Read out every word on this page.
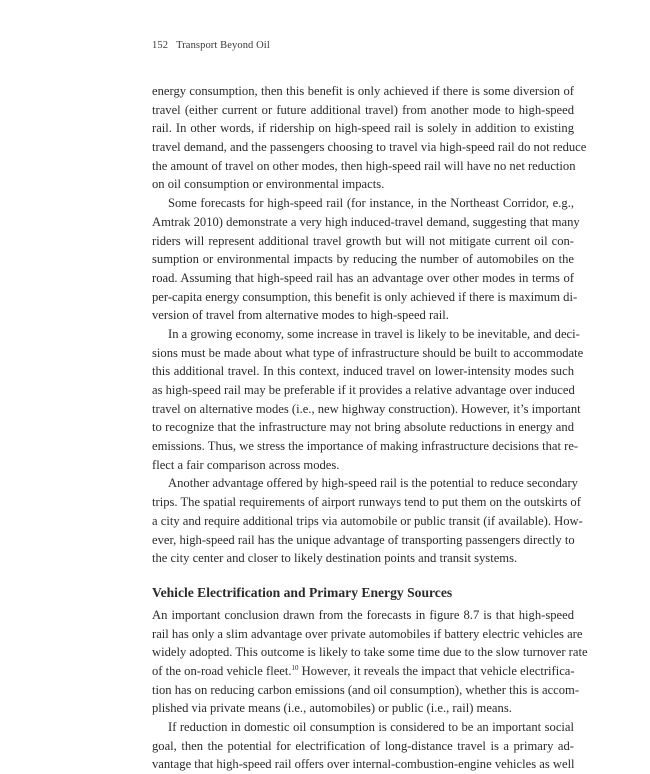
152 Transport Beyond Oil
energy consumption, then this benefit is only achieved if there is some diversion of
travel (either current or future additional travel) from another mode to high-speed
rail. In other words, if ridership on high-speed rail is solely in addition to existing
travel demand, and the passengers choosing to travel via high-speed rail do not reduce
the amount of travel on other modes, then high-speed rail will have no net reduction
on oil consumption or environmental impacts.
Some forecasts for high-speed rail (for instance, in the Northeast Corridor, e.g.,
Amtrak 2010) demonstrate a very high induced-travel demand, suggesting that many
riders will represent additional travel growth but will not mitigate current oil con-
sumption or environmental impacts by reducing the number of automobiles on the
road. Assuming that high-speed rail has an advantage over other modes in terms of
per-capita energy consumption, this benefit is only achieved if there is maximum di-
version of travel from alternative modes to high-speed rail.
In a growing economy, some increase in travel is likely to be inevitable, and deci-
sions must be made about what type of infrastructure should be built to accommodate
this additional travel. In this context, induced travel on lower-intensity modes such
as high-speed rail may be preferable if it provides a relative advantage over induced
travel on alternative modes (i.e., new highway construction). However, it’s important
to recognize that the infrastructure may not bring absolute reductions in energy and
emissions. Thus, we stress the importance of making infrastructure decisions that re-
flect a fair comparison across modes.
Another advantage offered by high-speed rail is the potential to reduce secondary
trips. The spatial requirements of airport runways tend to put them on the outskirts of
a city and require additional trips via automobile or public transit (if available). How-
ever, high-speed rail has the unique advantage of transporting passengers directly to
the city center and closer to likely destination points and transit systems.
Vehicle Electrification and Primary Energy Sources
An important conclusion drawn from the forecasts in figure 8.7 is that high-speed
rail has only a slim advantage over private automobiles if battery electric vehicles are
widely adopted. This outcome is likely to take some time due to the slow turnover rate
of the on-road vehicle fleet.$^{10}$ However, it reveals the impact that vehicle electrifica-
tion has on reducing carbon emissions (and oil consumption), whether this is accom-
plished via private means (i.e., automobiles) or public (i.e., rail) means.
If reduction in domestic oil consumption is considered to be an important social
goal, then the potential for electrification of long-distance travel is a primary ad-
vantage that high-speed rail offers over internal-combustion-engine vehicles as well
